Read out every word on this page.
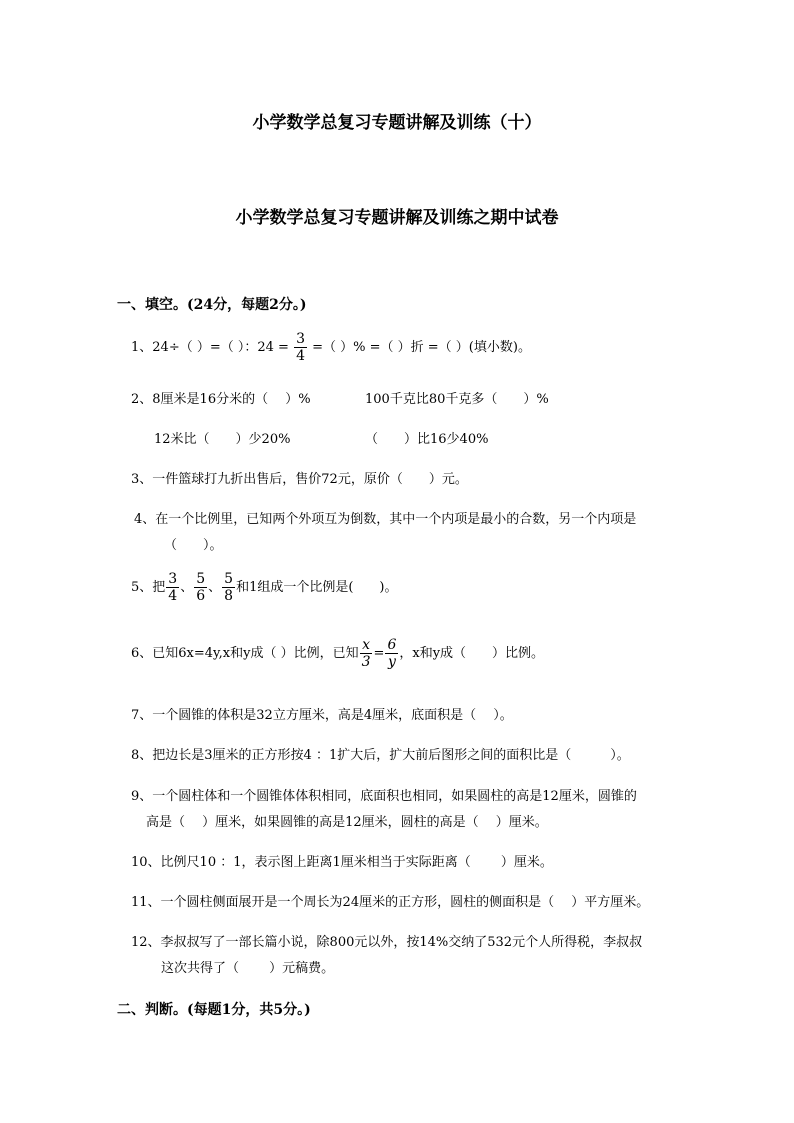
小学数学总复习专题讲解及训练（十）
小学数学总复习专题讲解及训练之期中试卷
一、填空。(24分，每题2分。)
1、24÷（ ）=（ ）：$24 = \frac{3}{4}$ =（ ）% =（ ）折 =（ ）(填小数)。
2、8厘米是16分米的（　 ）%	100千克比80千克多（　　）%
12米比（　　）少20%	（　　）比16少40%
3、一件篮球打九折出售后，售价72元，原价（　　）元。
4、在一个比例里，已知两个外项互为倒数，其中一个内项是最小的合数，另一个内项是
（　　）。
5、把 $\frac{3}{4}$ 、 $\frac{5}{6}$ 、 $\frac{5}{8}$ 和1组成一个比例是(　　)。
6、已知6x=4y,x和y成（ ）比例，已知 $\frac{x}{3} = \frac{6}{y}$ ，x和y成（　　）比例。
7、一个圆锥的体积是32立方厘米，高是4厘米，底面积是（　 ）。
8、把边长是3厘米的正方形按4 ：1扩大后，扩大前后图形之间的面积比是（　　　）。
9、一个圆柱体和一个圆锥体体积相同，底面积也相同，如果圆柱的高是12厘米，圆锥的
高是（　 ）厘米，如果圆锥的高是12厘米，圆柱的高是（　 ）厘米。
10、比例尺10 ：1，表示图上距离1厘米相当于实际距离（　　 ）厘米。
11、一个圆柱侧面展开是一个周长为24厘米的正方形，圆柱的侧面积是（　 ）平方厘米。
12、李叔叔写了一部长篇小说，除800元以外，按14%交纳了532元个人所得税，李叔叔
这次共得了（　　 ）元稿费。
二、判断。(每题1分，共5分。)
